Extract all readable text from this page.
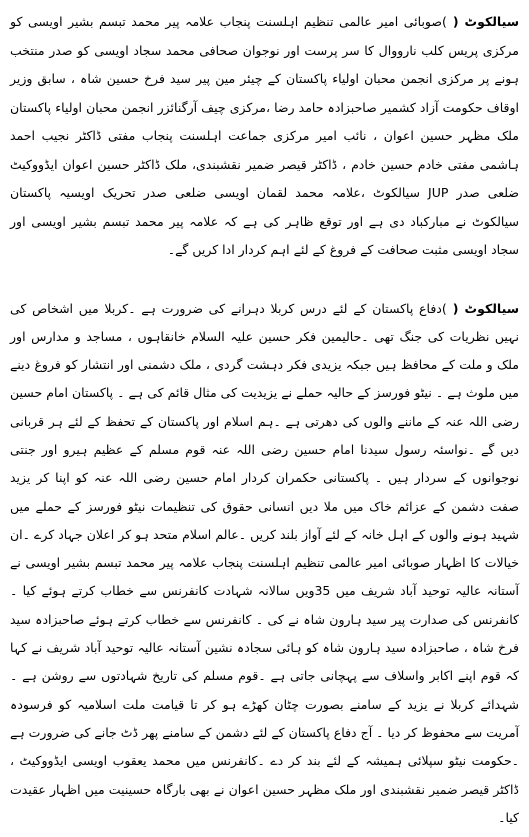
سیالکوٹ ()صوبائی امیر عالمی تنظیم اہلسنت پنجاب علامہ پیر محمد تبسم بشیر اویسی کو مرکزی پریس کلب نارووال کا سر پرست اور نوجوان صحافی محمد سجاد اویسی کو صدر منتخب ہونے پر مرکزی انجمن محبان اولیاء پاکستان کے چیئر مین پیر سید فرخ حسین شاہ ، سابق وزیر اوقاف حکومت آزاد کشمیر صاحبزادہ حامد رضا ،مرکزی چیف آرگنائزر انجمن محبان اولیاء پاکستان ملک مظہر حسین اعوان ، نائب امیر مرکزی جماعت اہلسنت پنجاب مفتی ڈاکٹر نجیب احمد ہاشمی مفتی خادم حسین خادم ، ڈاکٹر قیصر ضمیر نقشبندی، ملک ڈاکٹر حسین اعوان ایڈووکیٹ ضلعی صدر JUP سیالکوٹ ،علامہ محمد لقمان اویسی ضلعی صدر تحریک اویسیہ پاکستان سیالکوٹ نے مبارکباد دی ہے اور توقع ظاہر کی ہے کہ علامہ پیر محمد تبسم بشیر اویسی اور سجاد اویسی مثبت صحافت کے فروغ کے لئے اہم کردار ادا کریں گے۔

سیالکوٹ ()دفاع پاکستان کے لئے درس کربلا دہرانے کی ضرورت ہے ۔کربلا میں اشخاص کی نہیں نظریات کی جنگ تھی ۔حالیمین فکر حسین علیہ السلام خانقاہوں ، مساجد و مدارس اور ملک و ملت کے محافظ ہیں جبکہ یزیدی فکر دہشت گردی ، ملک دشمنی اور انتشار کو فروغ دینے میں ملوث ہے ۔ نیٹو فورسز کے حالیہ حملے نے یزیدیت کی مثال قائم کی ہے ۔ پاکستان امام حسین رضی اللہ عنہ کے ماننے والوں کی دھرتی ہے ۔ہم اسلام اور پاکستان کے تحفظ کے لئے ہر قربانی دیں گے ۔نواسئہ رسول سیدنا امام حسین رضی اللہ عنہ قوم مسلم کے عظیم ہیرو اور جنتی نوجوانوں کے سردار ہیں ۔ پاکستانی حکمران کردار امام حسین رضی اللہ عنہ کو اپنا کر یزید صفت دشمن کے عزائم خاک میں ملا دیں انسانی حقوق کی تنظیمات نیٹو فورسز کے حملے میں شہید ہونے والوں کے اہل خانہ کے لئے آواز بلند کریں ۔عالم اسلام متحد ہو کر اعلان جہاد کرے ۔ان خیالات کا اظہار صوبائی امیر عالمی تنظیم اہلسنت پنجاب علامہ پیر محمد تبسم بشیر اویسی نے آستانہ عالیہ توحید آباد شریف میں 35ویں سالانہ شہادت کانفرنس سے خطاب کرتے ہوئے کیا ۔کانفرنس کی صدارت پیر سید ہارون شاہ نے کی ۔ کانفرنس سے خطاب کرتے ہوئے صاحبزادہ سید فرخ شاہ ، صاحبزادہ سید ہارون شاہ کو ہائی سجادہ نشین آستانہ عالیہ توحید آباد شریف نے کہا کہ قوم اپنے اکابر واسلاف سے پہچانی جاتی ہے ۔قوم مسلم کی تاریخ شہادتوں سے روشن ہے ۔شہدائے کربلا نے یزید کے سامنے بصورت چٹان کھڑے ہو کر تا قیامت ملت اسلامیہ کو فرسودہ آمریت سے محفوظ کر دیا ۔ آج دفاع پاکستان کے لئے دشمن کے سامنے پھر ڈٹ جانے کی ضرورت ہے ۔حکومت نیٹو سپلائی ہمیشہ کے لئے بند کر دے ۔کانفرنس میں محمد یعقوب اویسی ایڈووکیٹ ، ڈاکٹر قیصر ضمیر نقشبندی اور ملک مظہر حسین اعوان نے بھی بارگاہ حسینیت میں اظہار عقیدت کیا۔
